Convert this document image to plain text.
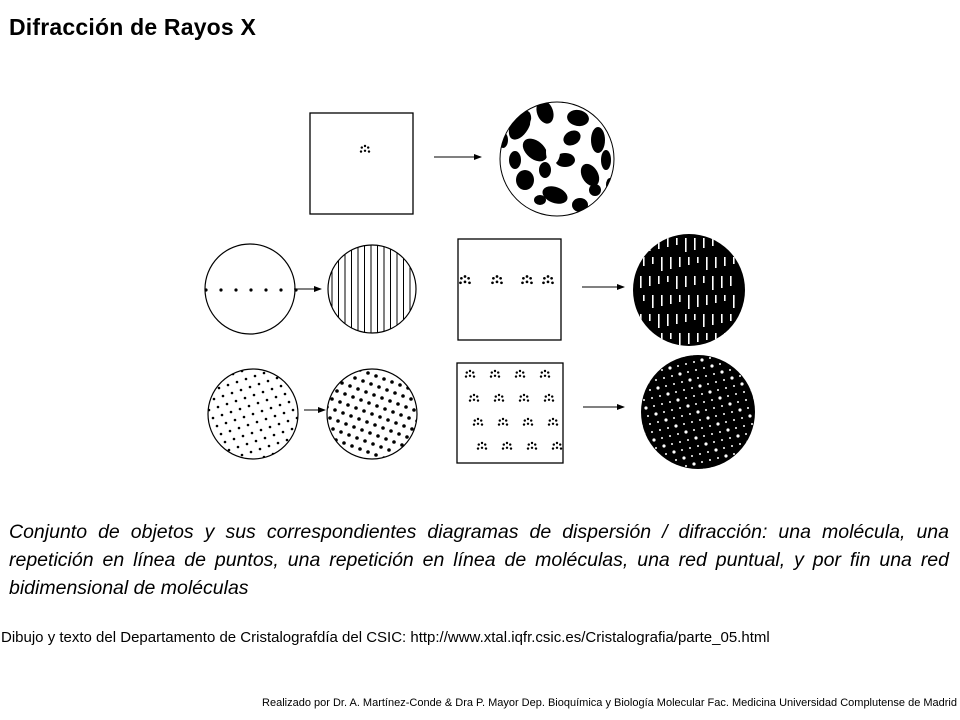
Difracción de Rayos X

Conjunto de objetos y sus correspondientes diagramas de dispersión / difracción: una molécula, una repetición en línea de puntos, una repetición en línea de moléculas, una red puntual, y por fin una red bidimensional de moléculas

Dibujo y texto del Departamento de Cristalografdía del CSIC: http://www.xtal.iqfr.csic.es/Cristalografia/parte_05.html

Realizado por Dr. A. Martínez-Conde & Dra P. Mayor Dep. Bioquímica y Biología Molecular Fac. Medicina Universidad Complutense de Madrid
